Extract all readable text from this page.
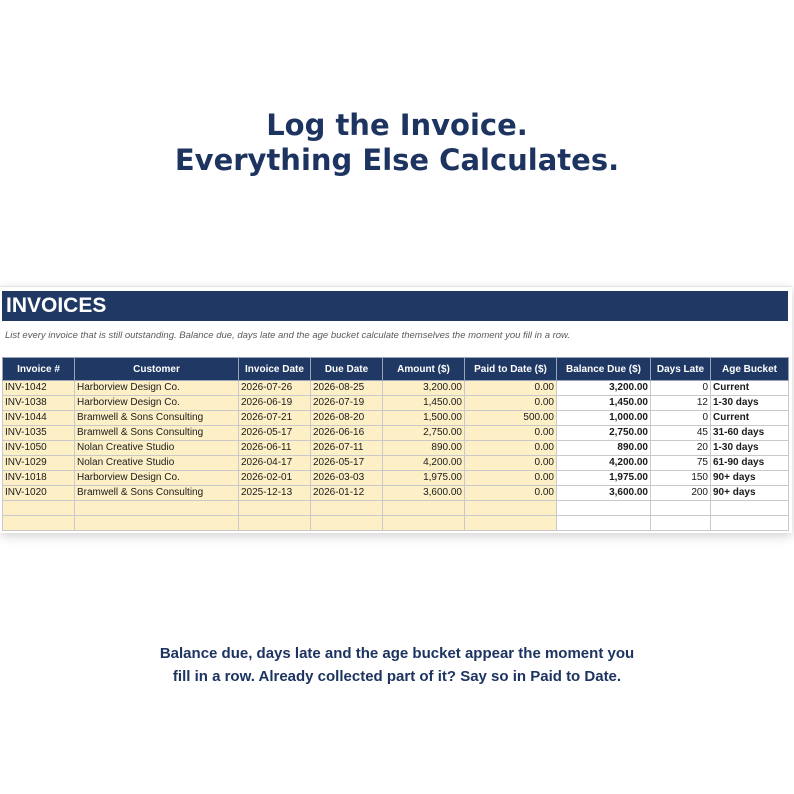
Log the Invoice.
Everything Else Calculates.
INVOICES
List every invoice that is still outstanding. Balance due, days late and the age bucket calculate themselves the moment you fill in a row.
Invoice #	Customer	Invoice Date	Due Date	Amount ($)	Paid to Date ($)	Balance Due ($)	Days Late	Age Bucket
INV-1042	Harborview Design Co.	2026-07-26	2026-08-25	3,200.00	0.00	3,200.00	0	Current
INV-1038	Harborview Design Co.	2026-06-19	2026-07-19	1,450.00	0.00	1,450.00	12	1-30 days
INV-1044	Bramwell & Sons Consulting	2026-07-21	2026-08-20	1,500.00	500.00	1,000.00	0	Current
INV-1035	Bramwell & Sons Consulting	2026-05-17	2026-06-16	2,750.00	0.00	2,750.00	45	31-60 days
INV-1050	Nolan Creative Studio	2026-06-11	2026-07-11	890.00	0.00	890.00	20	1-30 days
INV-1029	Nolan Creative Studio	2026-04-17	2026-05-17	4,200.00	0.00	4,200.00	75	61-90 days
INV-1018	Harborview Design Co.	2026-02-01	2026-03-03	1,975.00	0.00	1,975.00	150	90+ days
INV-1020	Bramwell & Sons Consulting	2025-12-13	2026-01-12	3,600.00	0.00	3,600.00	200	90+ days

Balance due, days late and the age bucket appear the moment you
fill in a row. Already collected part of it? Say so in Paid to Date.
